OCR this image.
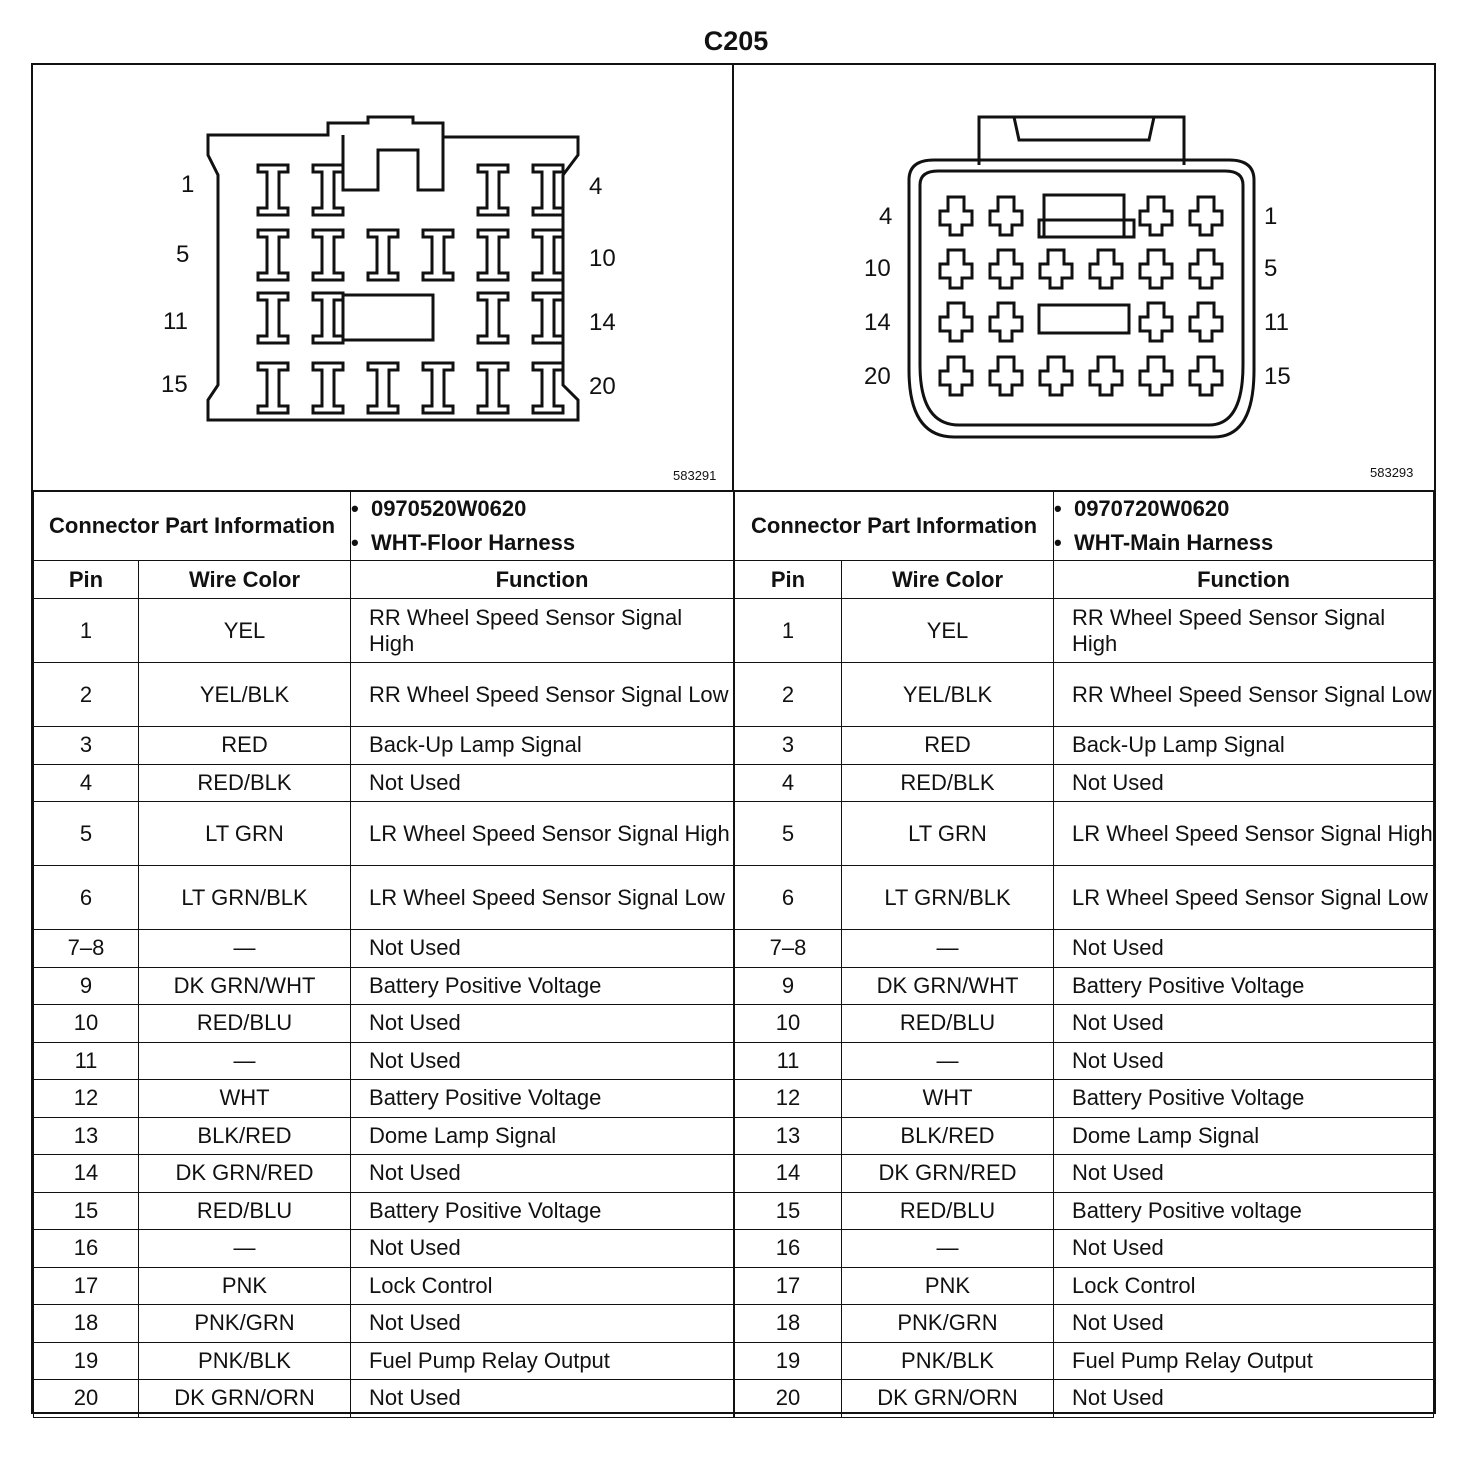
C205
1	4
5	10
11	14
15	20
583291
4	1
10	5
14	11
20	15
583293
Connector Part Information		•  0970520W0620
•  WHT-Floor Harness

Pin	Wire Color	Function
1	YEL	RR Wheel Speed Sensor Signal High
2	YEL/BLK	RR Wheel Speed Sensor Signal Low
3	RED	Back-Up Lamp Signal
4	RED/BLK	Not Used
5	LT GRN	LR Wheel Speed Sensor Signal High
6	LT GRN/BLK	LR Wheel Speed Sensor Signal Low
7–8	—	Not Used
9	DK GRN/WHT	Battery Positive Voltage
10	RED/BLU	Not Used
11	—	Not Used
12	WHT	Battery Positive Voltage
13	BLK/RED	Dome Lamp Signal
14	DK GRN/RED	Not Used
15	RED/BLU	Battery Positive Voltage
16	—	Not Used
17	PNK	Lock Control
18	PNK/GRN	Not Used
19	PNK/BLK	Fuel Pump Relay Output
20	DK GRN/ORN	Not Used
Connector Part Information		•  0970720W0620
•  WHT-Main Harness

Pin	Wire Color	Function
1	YEL	RR Wheel Speed Sensor Signal High
2	YEL/BLK	RR Wheel Speed Sensor Signal Low
3	RED	Back-Up Lamp Signal
4	RED/BLK	Not Used
5	LT GRN	LR Wheel Speed Sensor Signal High
6	LT GRN/BLK	LR Wheel Speed Sensor Signal Low
7–8	—	Not Used
9	DK GRN/WHT	Battery Positive Voltage
10	RED/BLU	Not Used
11	—	Not Used
12	WHT	Battery Positive Voltage
13	BLK/RED	Dome Lamp Signal
14	DK GRN/RED	Not Used
15	RED/BLU	Battery Positive voltage
16	—	Not Used
17	PNK	Lock Control
18	PNK/GRN	Not Used
19	PNK/BLK	Fuel Pump Relay Output
20	DK GRN/ORN	Not Used
